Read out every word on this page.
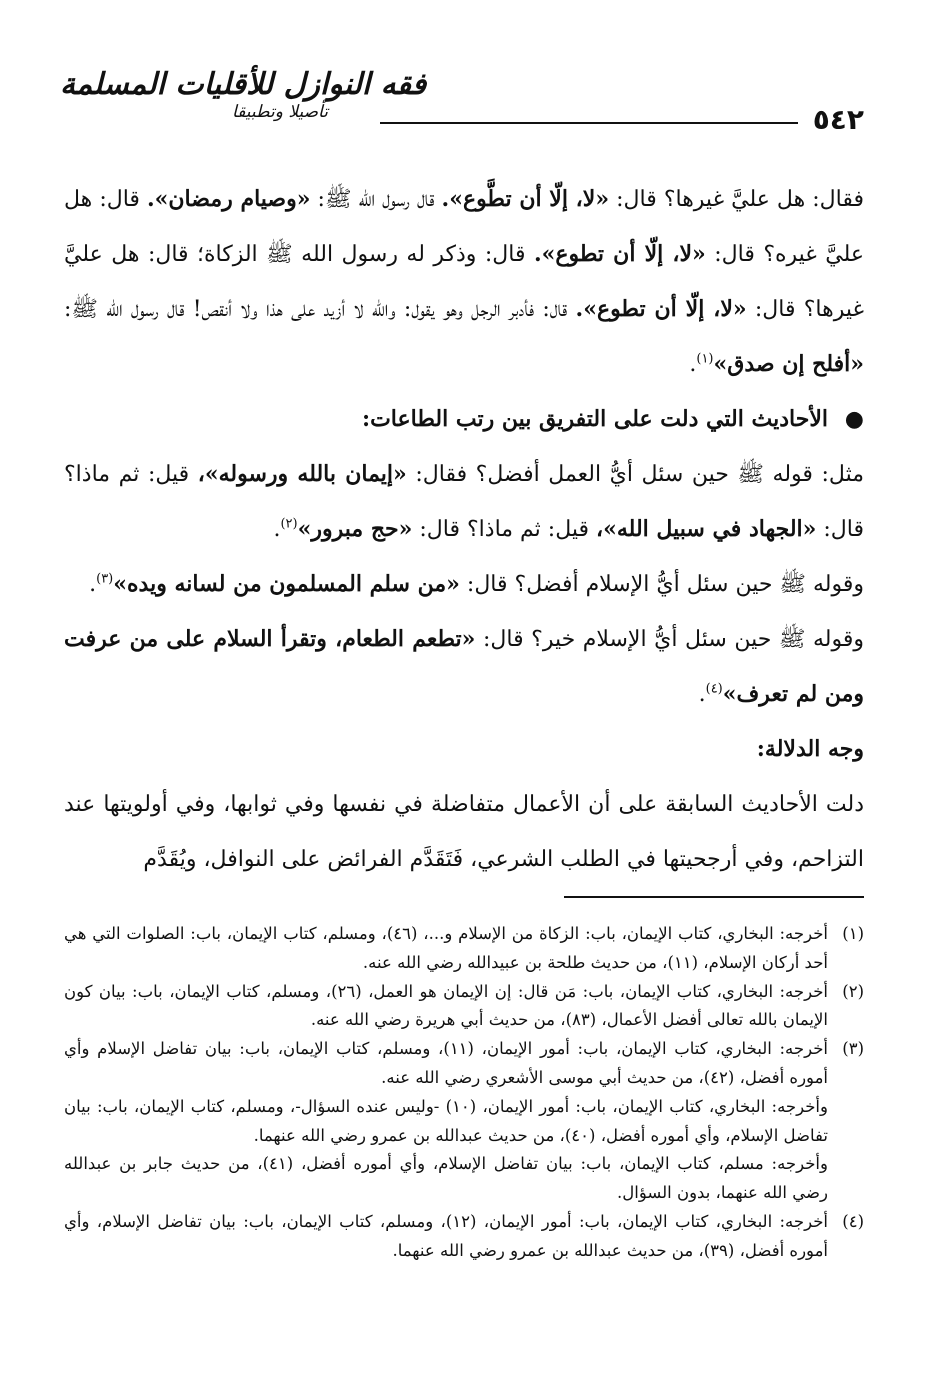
فقه النوازل للأقليات المسلمة
تأصيلا وتطبيقا	٥٤٢

فقال: هل عليَّ غيرها؟ قال: «لا، إلّا أن تطَّوع». قال رسول الله ﷺ: «وصيام رمضان». قال: هل عليَّ غيره؟ قال: «لا، إلّا أن تطوع». قال: وذكر له رسول الله ﷺ الزكاة؛ قال: هل عليَّ غيرها؟ قال: «لا، إلّا أن تطوع». قال: فأدبر الرجل وهو يقول: والله لا أزيد على هذا ولا أنقص! قال رسول الله ﷺ: «أفلح إن صدق»$^{(١)}$.

●
الأحاديث التي دلت على التفريق بين رتب الطاعات:

مثل: قوله ﷺ حين سئل أيُّ العمل أفضل؟ فقال: «إيمان بالله ورسوله»، قيل: ثم ماذا؟ قال: «الجهاد في سبيل الله»، قيل: ثم ماذا؟ قال: «حج مبرور»$^{(٢)}$.

وقوله ﷺ حين سئل أيُّ الإسلام أفضل؟ قال: «من سلم المسلمون من لسانه ويده»$^{(٣)}$.

وقوله ﷺ حين سئل أيُّ الإسلام خير؟ قال: «تطعم الطعام، وتقرأ السلام على من عرفت ومن لم تعرف»$^{(٤)}$.

وجه الدلالة:

دلت الأحاديث السابقة على أن الأعمال متفاضلة في نفسها وفي ثوابها، وفي أولويتها عند التزاحم، وفي أرجحيتها في الطلب الشرعي، فَتَقَدَّم الفرائض على النوافل، ويُقَدَّم

(١)
أخرجه: البخاري، كتاب الإيمان، باب: الزكاة من الإسلام و...، (٤٦)، ومسلم، كتاب الإيمان، باب: الصلوات التي هي أحد أركان الإسلام، (١١)، من حديث طلحة بن عبيدالله رضي الله عنه.

(٢)
أخرجه: البخاري، كتاب الإيمان، باب: مَن قال: إن الإيمان هو العمل، (٢٦)، ومسلم، كتاب الإيمان، باب: بيان كون الإيمان بالله تعالى أفضل الأعمال، (٨٣)، من حديث أبي هريرة رضي الله عنه.

(٣)
أخرجه: البخاري، كتاب الإيمان، باب: أمور الإيمان، (١١)، ومسلم، كتاب الإيمان، باب: بيان تفاضل الإسلام وأي أموره أفضل، (٤٢)، من حديث أبي موسى الأشعري رضي الله عنه.

وأخرجه: البخاري، كتاب الإيمان، باب: أمور الإيمان، (١٠) -وليس عنده السؤال-، ومسلم، كتاب الإيمان، باب: بيان تفاضل الإسلام، وأي أموره أفضل، (٤٠)، من حديث عبدالله بن عمرو رضي الله عنهما.

وأخرجه: مسلم، كتاب الإيمان، باب: بيان تفاضل الإسلام، وأي أموره أفضل، (٤١)، من حديث جابر بن عبدالله رضي الله عنهما، بدون السؤال.

(٤)
أخرجه: البخاري، كتاب الإيمان، باب: أمور الإيمان، (١٢)، ومسلم، كتاب الإيمان، باب: بيان تفاضل الإسلام، وأي أموره أفضل، (٣٩)، من حديث عبدالله بن عمرو رضي الله عنهما.
